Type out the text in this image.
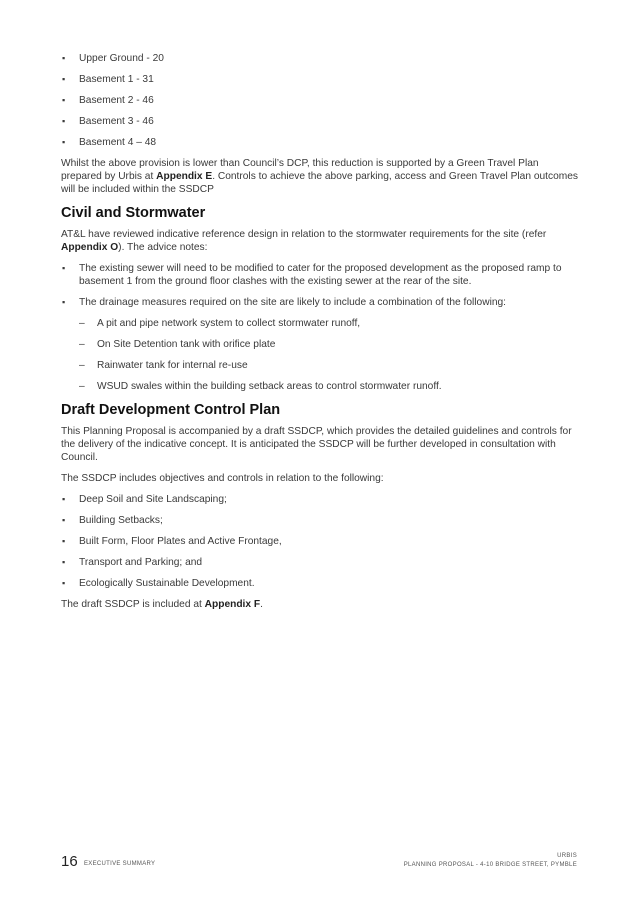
▪ Upper Ground - 20
▪ Basement 1 - 31
▪ Basement 2 - 46
▪ Basement 3 - 46
▪ Basement 4 – 48

Whilst the above provision is lower than Council’s DCP, this reduction is supported by a Green Travel Plan prepared by Urbis at Appendix E. Controls to achieve the above parking, access and Green Travel Plan outcomes will be included within the SSDCP

Civil and Stormwater

AT&L have reviewed indicative reference design in relation to the stormwater requirements for the site (refer Appendix O). The advice notes:

▪ The existing sewer will need to be modified to cater for the proposed development as the proposed ramp to basement 1 from the ground floor clashes with the existing sewer at the rear of the site.
▪ The drainage measures required on the site are likely to include a combination of the following:
– A pit and pipe network system to collect stormwater runoff,
– On Site Detention tank with orifice plate
– Rainwater tank for internal re-use
– WSUD swales within the building setback areas to control stormwater runoff.
Draft Development Control Plan

This Planning Proposal is accompanied by a draft SSDCP, which provides the detailed guidelines and controls for the delivery of the indicative concept. It is anticipated the SSDCP will be further developed in consultation with Council.

The SSDCP includes objectives and controls in relation to the following:

▪ Deep Soil and Site Landscaping;
▪ Building Setbacks;
▪ Built Form, Floor Plates and Active Frontage,
▪ Transport and Parking; and
▪ Ecologically Sustainable Development.

The draft SSDCP is included at Appendix F.

16 EXECUTIVE SUMMARY
URBIS
PLANNING PROPOSAL - 4-10 BRIDGE STREET, PYMBLE
